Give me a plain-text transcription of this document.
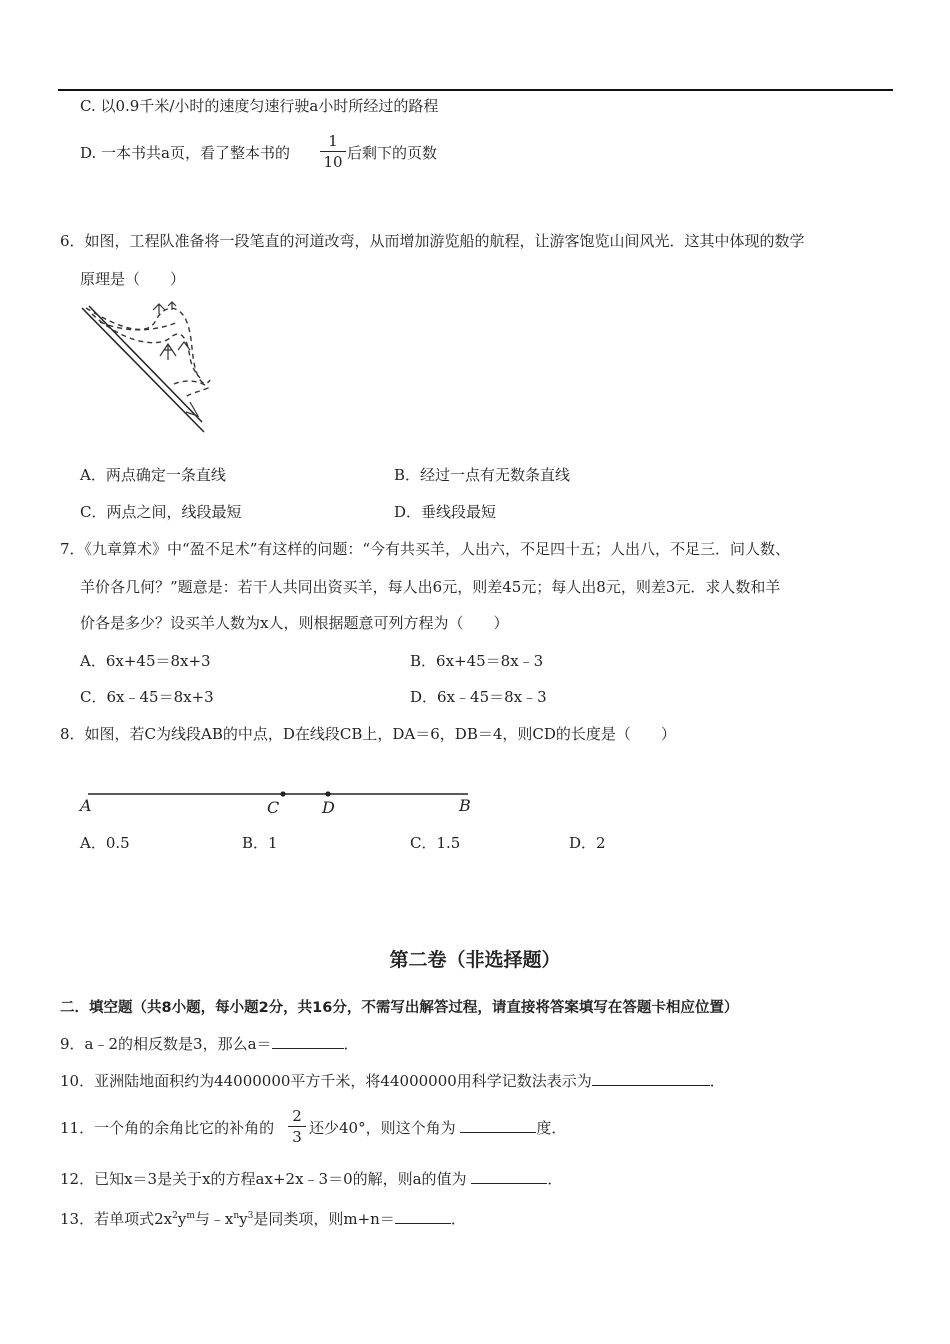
C. 以0.9千米/小时的速度匀速行驶a小时所经过的路程
D. 一本书共a页，看了整本书的 $\frac{1}{10}$ 后剩下的页数
6．如图，工程队准备将一段笔直的河道改弯，从而增加游览船的航程，让游客饱览山间风光．这其中体现的数学
原理是（　　）
A．两点确定一条直线	B．经过一点有无数条直线
C．两点之间，线段最短	D．垂线段最短
7．《九章算术》中“盈不足术”有这样的问题：“今有共买羊，人出六，不足四十五；人出八，不足三．问人数、
羊价各几何？”题意是：若干人共同出资买羊，每人出6元，则差45元；每人出8元，则差3元．求人数和羊
价各是多少？设买羊人数为x人，则根据题意可列方程为（　　）
A．6x+45＝8x+3	B．6x+45＝8x﹣3
C．6x﹣45＝8x+3	D．6x﹣45＝8x﹣3
8．如图，若C为线段AB的中点，D在线段CB上，DA＝6，DB＝4，则CD的长度是（　　）
A	C	D	B
A．0.5	B．1	C．1.5	D．2
第二卷（非选择题）
二．填空题（共8小题，每小题2分，共16分，不需写出解答过程，请直接将答案填写在答题卡相应位置）
9．a﹣2的相反数是3，那么a＝	．
10．亚洲陆地面积约为44000000平方千米，将44000000用科学记数法表示为	．
11．一个角的余角比它的补角的 $\frac{2}{3}$ 还少40°，则这个角为	度．
12．已知x＝3是关于x的方程ax+2x﹣3＝0的解，则a的值为	．
13．若单项式$2x^2y^m$与$﹣x^ny^3$是同类项，则m+n＝	．
